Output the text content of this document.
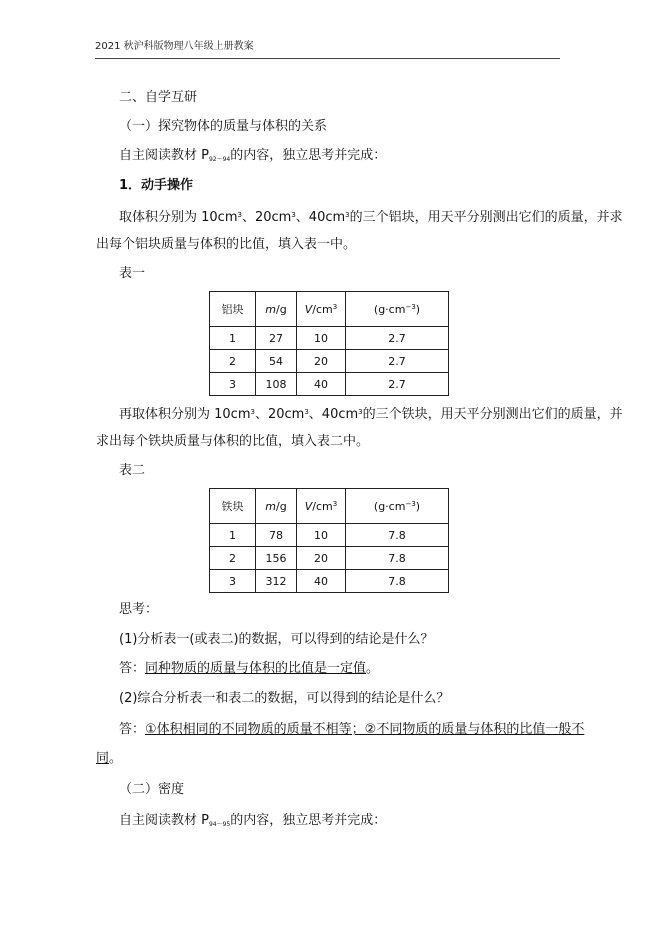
2021 秋沪科版物理八年级上册教案
二、自学互研
（一）探究物体的质量与体积的关系
自主阅读教材 $P_{92\sim 94}$的内容，独立思考并完成：
1．动手操作
取体积分别为 $10cm^3$、$20cm^3$、$40cm^3$的三个铝块，用天平分别测出它们的质量，并求
出每个铝块质量与体积的比值，填入表一中。
表一
铝块	m/g	$V/cm^3$	$(g\cdot cm^{-3})$
1	27	10	2.7
2	54	20	2.7
3	108	40	2.7
再取体积分别为 $10cm^3$、$20cm^3$、$40cm^3$的三个铁块，用天平分别测出它们的质量，并
求出每个铁块质量与体积的比值，填入表二中。
表二
铁块	m/g	$V/cm^3$	$(g\cdot cm^{-3})$
1	78	10	7.8
2	156	20	7.8
3	312	40	7.8
思考：
(1)分析表一(或表二)的数据，可以得到的结论是什么？
答：同种物质的质量与体积的比值是一定值。
(2)综合分析表一和表二的数据，可以得到的结论是什么？
答：①体积相同的不同物质的质量不相等；②不同物质的质量与体积的比值一般不
同。
（二）密度
自主阅读教材 $P_{94\sim 95}$的内容，独立思考并完成：
